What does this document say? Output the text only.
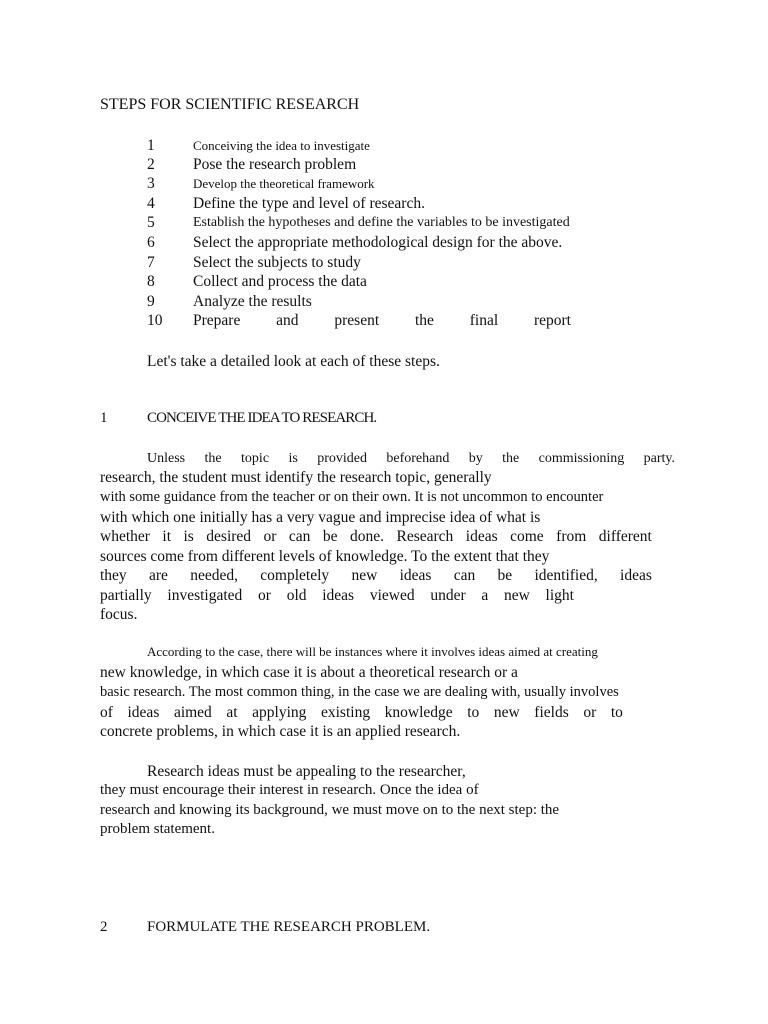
STEPS FOR SCIENTIFIC RESEARCH
1	Conceiving the idea to investigate
2 Pose the research problem
3	Develop the theoretical framework
4 Define the type and level of research.
5	Establish the hypotheses and define the variables to be investigated
6 Select the appropriate methodological design for the above.
7 Select the subjects to study
8 Collect and process the data
9 Analyze the results
10 Prepare and present the final report
Let's take a detailed look at each of these steps.
1	CONCEIVE THE IDEA TO RESEARCH.
Unless the topic is provided beforehand by the commissioning party.
research, the student must identify the research topic, generally
with some guidance from the teacher or on their own. It is not uncommon to encounter
with which one initially has a very vague and imprecise idea of what is
whether it is desired or can be done. Research ideas come from different
sources come from different levels of knowledge. To the extent that they
they are needed, completely new ideas can be identified, ideas
partially investigated or old ideas viewed under a new light
focus.
According to the case, there will be instances where it involves ideas aimed at creating
new knowledge, in which case it is about a theoretical research or a
basic research. The most common thing, in the case we are dealing with, usually involves
of ideas aimed at applying existing knowledge to new fields or to
concrete problems, in which case it is an applied research.
Research ideas must be appealing to the researcher,
they must encourage their interest in research. Once the idea of
research and knowing its background, we must move on to the next step: the
problem statement.
2	FORMULATE THE RESEARCH PROBLEM.
